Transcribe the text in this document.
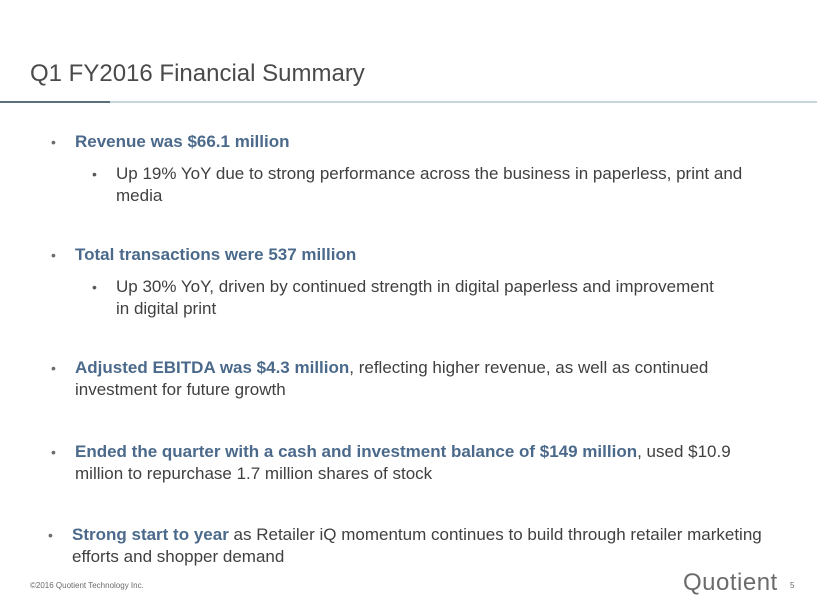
Q1 FY2016 Financial Summary
• Revenue was $66.1 million
• Up 19% YoY due to strong performance across the business in paperless, print and media
• Total transactions were 537 million
• Up 30% YoY, driven by continued strength in digital paperless and improvement in digital print
• Adjusted EBITDA was $4.3 million, reflecting higher revenue, as well as continued investment for future growth
• Ended the quarter with a cash and investment balance of $149 million, used $10.9 million to repurchase 1.7 million shares of stock
• Strong start to year as Retailer iQ momentum continues to build through retailer marketing efforts and shopper demand
©2016 Quotient Technology Inc.	Quotient 5
